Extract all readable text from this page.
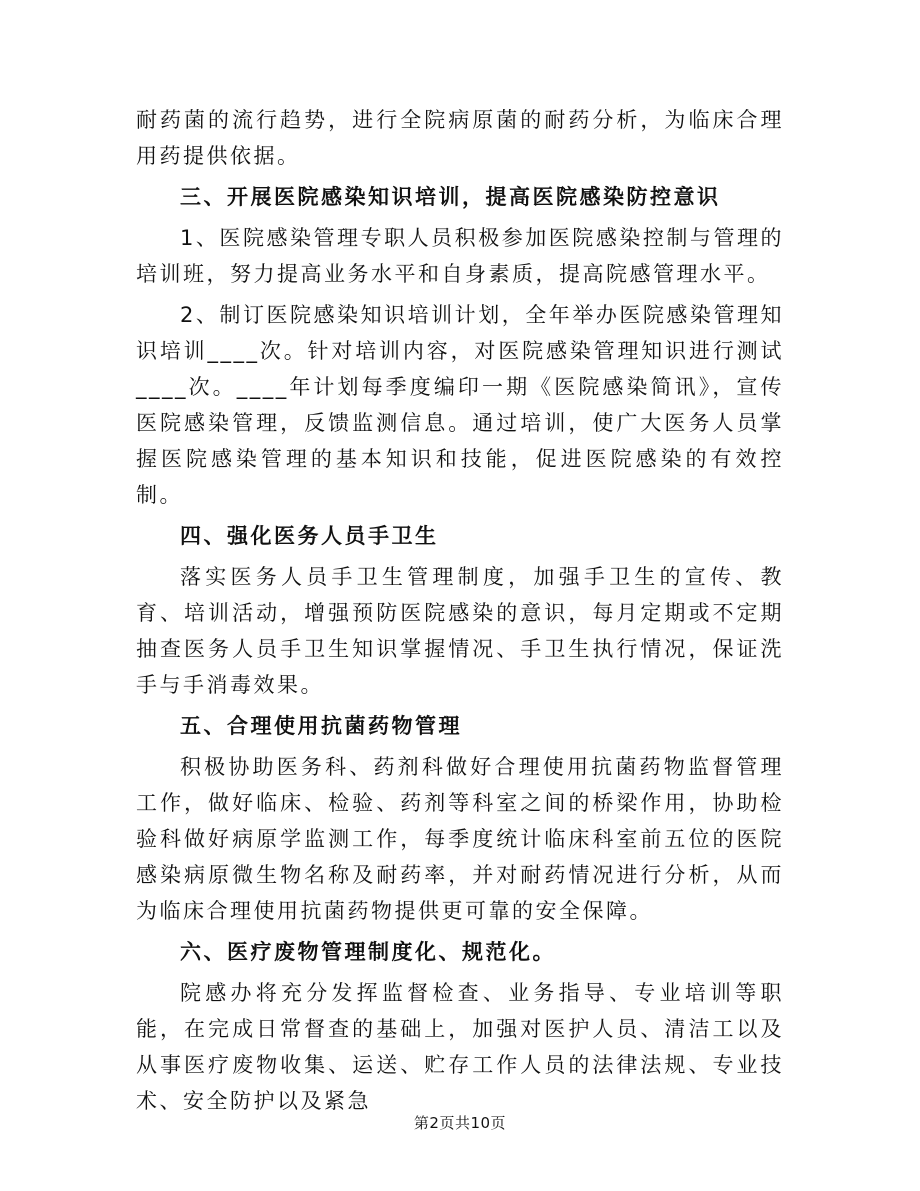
耐药菌的流行趋势，进行全院病原菌的耐药分析，为临床合理用药提供依据。

三、开展医院感染知识培训，提高医院感染防控意识

1、医院感染管理专职人员积极参加医院感染控制与管理的培训班，努力提高业务水平和自身素质，提高院感管理水平。

2、制订医院感染知识培训计划，全年举办医院感染管理知识培训____次。针对培训内容，对医院感染管理知识进行测试____次。____年计划每季度编印一期《医院感染简讯》，宣传医院感染管理，反馈监测信息。通过培训，使广大医务人员掌握医院感染管理的基本知识和技能，促进医院感染的有效控制。

四、强化医务人员手卫生

落实医务人员手卫生管理制度，加强手卫生的宣传、教育、培训活动，增强预防医院感染的意识，每月定期或不定期抽查医务人员手卫生知识掌握情况、手卫生执行情况，保证洗手与手消毒效果。

五、合理使用抗菌药物管理

积极协助医务科、药剂科做好合理使用抗菌药物监督管理工作，做好临床、检验、药剂等科室之间的桥梁作用，协助检验科做好病原学监测工作，每季度统计临床科室前五位的医院感染病原微生物名称及耐药率，并对耐药情况进行分析，从而为临床合理使用抗菌药物提供更可靠的安全保障。

六、医疗废物管理制度化、规范化。

院感办将充分发挥监督检查、业务指导、专业培训等职能，在完成日常督查的基础上，加强对医护人员、清洁工以及从事医疗废物收集、运送、贮存工作人员的法律法规、专业技术、安全防护以及紧急

第2页共10页
